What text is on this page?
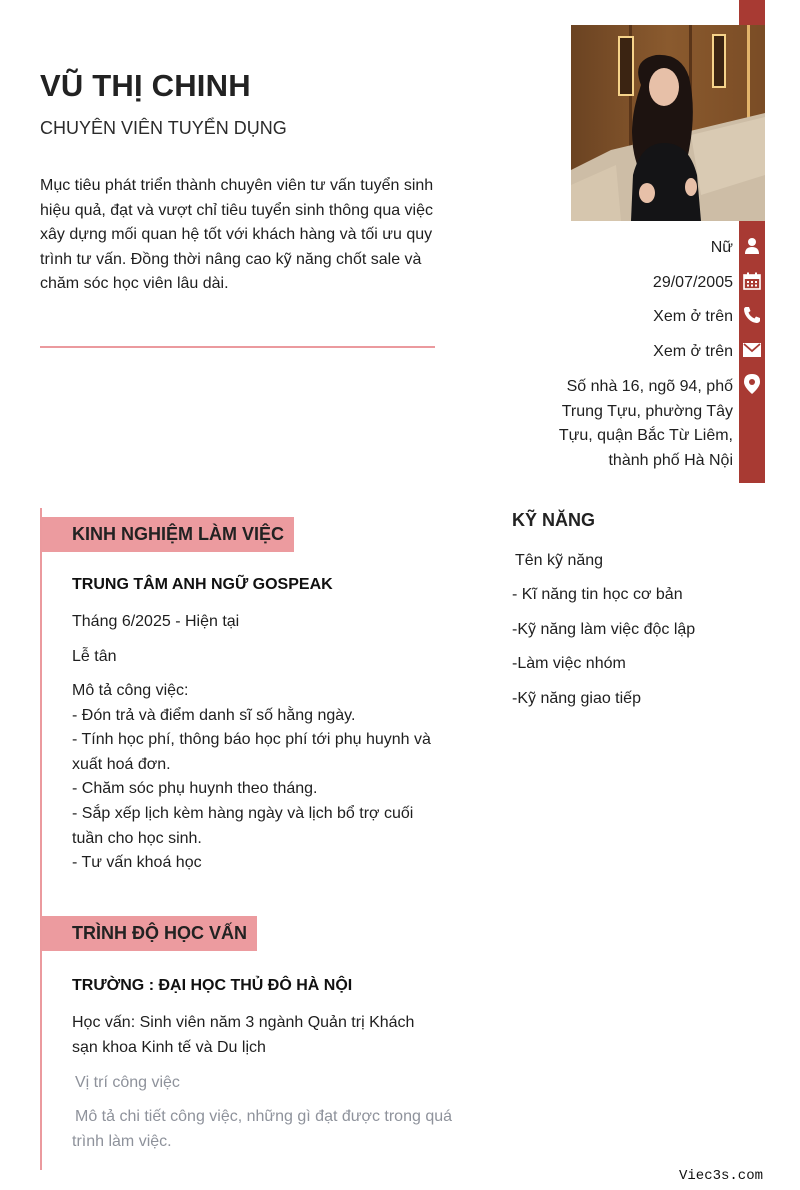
VŨ THỊ CHINH
CHUYÊN VIÊN TUYỂN DỤNG
Mục tiêu phát triển thành chuyên viên tư vấn tuyển sinh hiệu quả, đạt và vượt chỉ tiêu tuyển sinh thông qua việc xây dựng mối quan hệ tốt với khách hàng và tối ưu quy trình tư vấn. Đồng thời nâng cao kỹ năng chốt sale và chăm sóc học viên lâu dài.
Nữ
29/07/2005
Xem ở trên
Xem ở trên
Số nhà 16, ngõ 94, phố Trung Tựu, phường Tây Tựu, quận Bắc Từ Liêm, thành phố Hà Nội
KINH NGHIỆM LÀM VIỆC
TRUNG TÂM ANH NGỮ GOSPEAK
Tháng 6/2025 - Hiện tại
Lễ tân
Mô tả công việc:
- Đón trả và điểm danh sĩ số hằng ngày.
- Tính học phí, thông báo học phí tới phụ huynh và xuất hoá đơn.
- Chăm sóc phụ huynh theo tháng.
- Sắp xếp lịch kèm hàng ngày và lịch bổ trợ cuối tuần cho học sinh.
- Tư vấn khoá học
TRÌNH ĐỘ HỌC VẤN
TRƯỜNG : ĐẠI HỌC THỦ ĐÔ HÀ NỘI
Học vấn: Sinh viên năm 3 ngành Quản trị Khách sạn khoa Kinh tế và Du lịch
Vị trí công việc
Mô tả chi tiết công việc, những gì đạt được trong quá trình làm việc.
KỸ NĂNG
Tên kỹ năng
- Kĩ năng tin học cơ bản
-Kỹ năng làm việc độc lập
-Làm việc nhóm
-Kỹ năng giao tiếp
Viec3s.com
